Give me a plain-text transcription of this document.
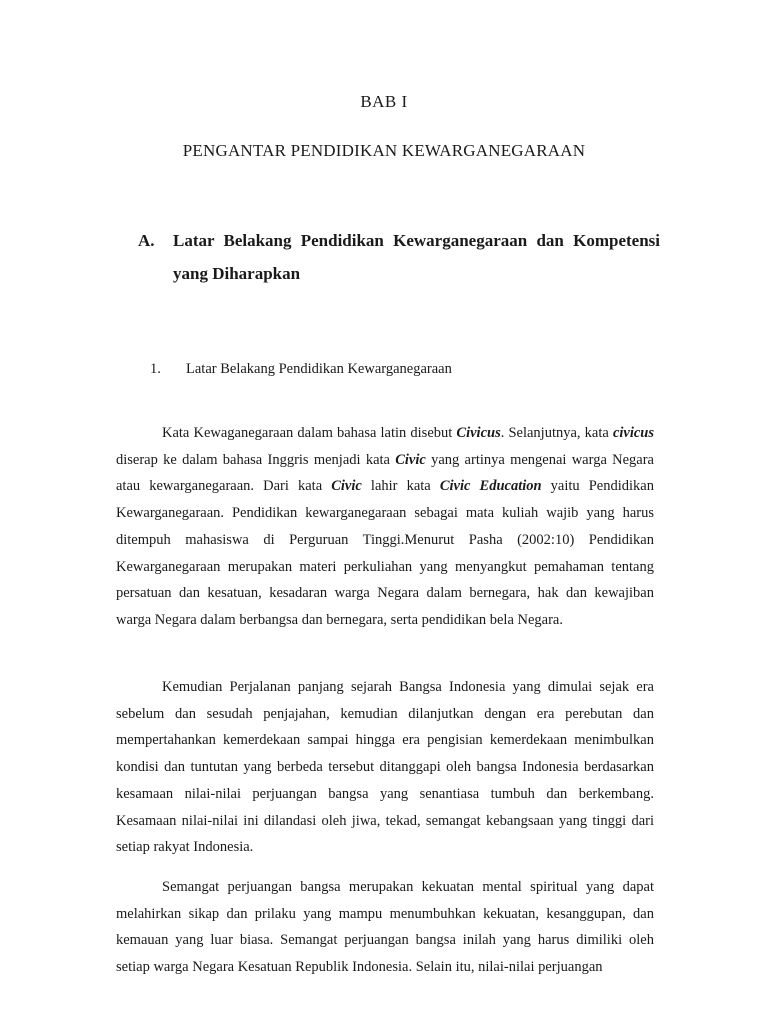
BAB I
PENGANTAR PENDIDIKAN KEWARGANEGARAAN
A. Latar Belakang Pendidikan Kewarganegaraan dan Kompetensi yang Diharapkan

1. Latar Belakang Pendidikan Kewarganegaraan

Kata Kewaganegaraan dalam bahasa latin disebut Civicus. Selanjutnya, kata civicus diserap ke dalam bahasa Inggris menjadi kata Civic yang artinya mengenai warga Negara atau kewarganegaraan. Dari kata Civic lahir kata Civic Education yaitu Pendidikan Kewarganegaraan. Pendidikan kewarganegaraan sebagai mata kuliah wajib yang harus ditempuh mahasiswa di Perguruan Tinggi.Menurut Pasha (2002:10) Pendidikan Kewarganegaraan merupakan materi perkuliahan yang menyangkut pemahaman tentang persatuan dan kesatuan, kesadaran warga Negara dalam bernegara, hak dan kewajiban warga Negara dalam berbangsa dan bernegara, serta pendidikan bela Negara.

Kemudian Perjalanan panjang sejarah Bangsa Indonesia yang dimulai sejak era sebelum dan sesudah penjajahan, kemudian dilanjutkan dengan era perebutan dan mempertahankan kemerdekaan sampai hingga era pengisian kemerdekaan menimbulkan kondisi dan tuntutan yang berbeda tersebut ditanggapi oleh bangsa Indonesia berdasarkan kesamaan nilai-nilai perjuangan bangsa yang senantiasa tumbuh dan berkembang. Kesamaan nilai-nilai ini dilandasi oleh jiwa, tekad, semangat kebangsaan yang tinggi dari setiap rakyat Indonesia.

Semangat perjuangan bangsa merupakan kekuatan mental spiritual yang dapat melahirkan sikap dan prilaku yang mampu menumbuhkan kekuatan, kesanggupan, dan kemauan yang luar biasa. Semangat perjuangan bangsa inilah yang harus dimiliki oleh setiap warga Negara Kesatuan Republik Indonesia. Selain itu, nilai-nilai perjuangan
